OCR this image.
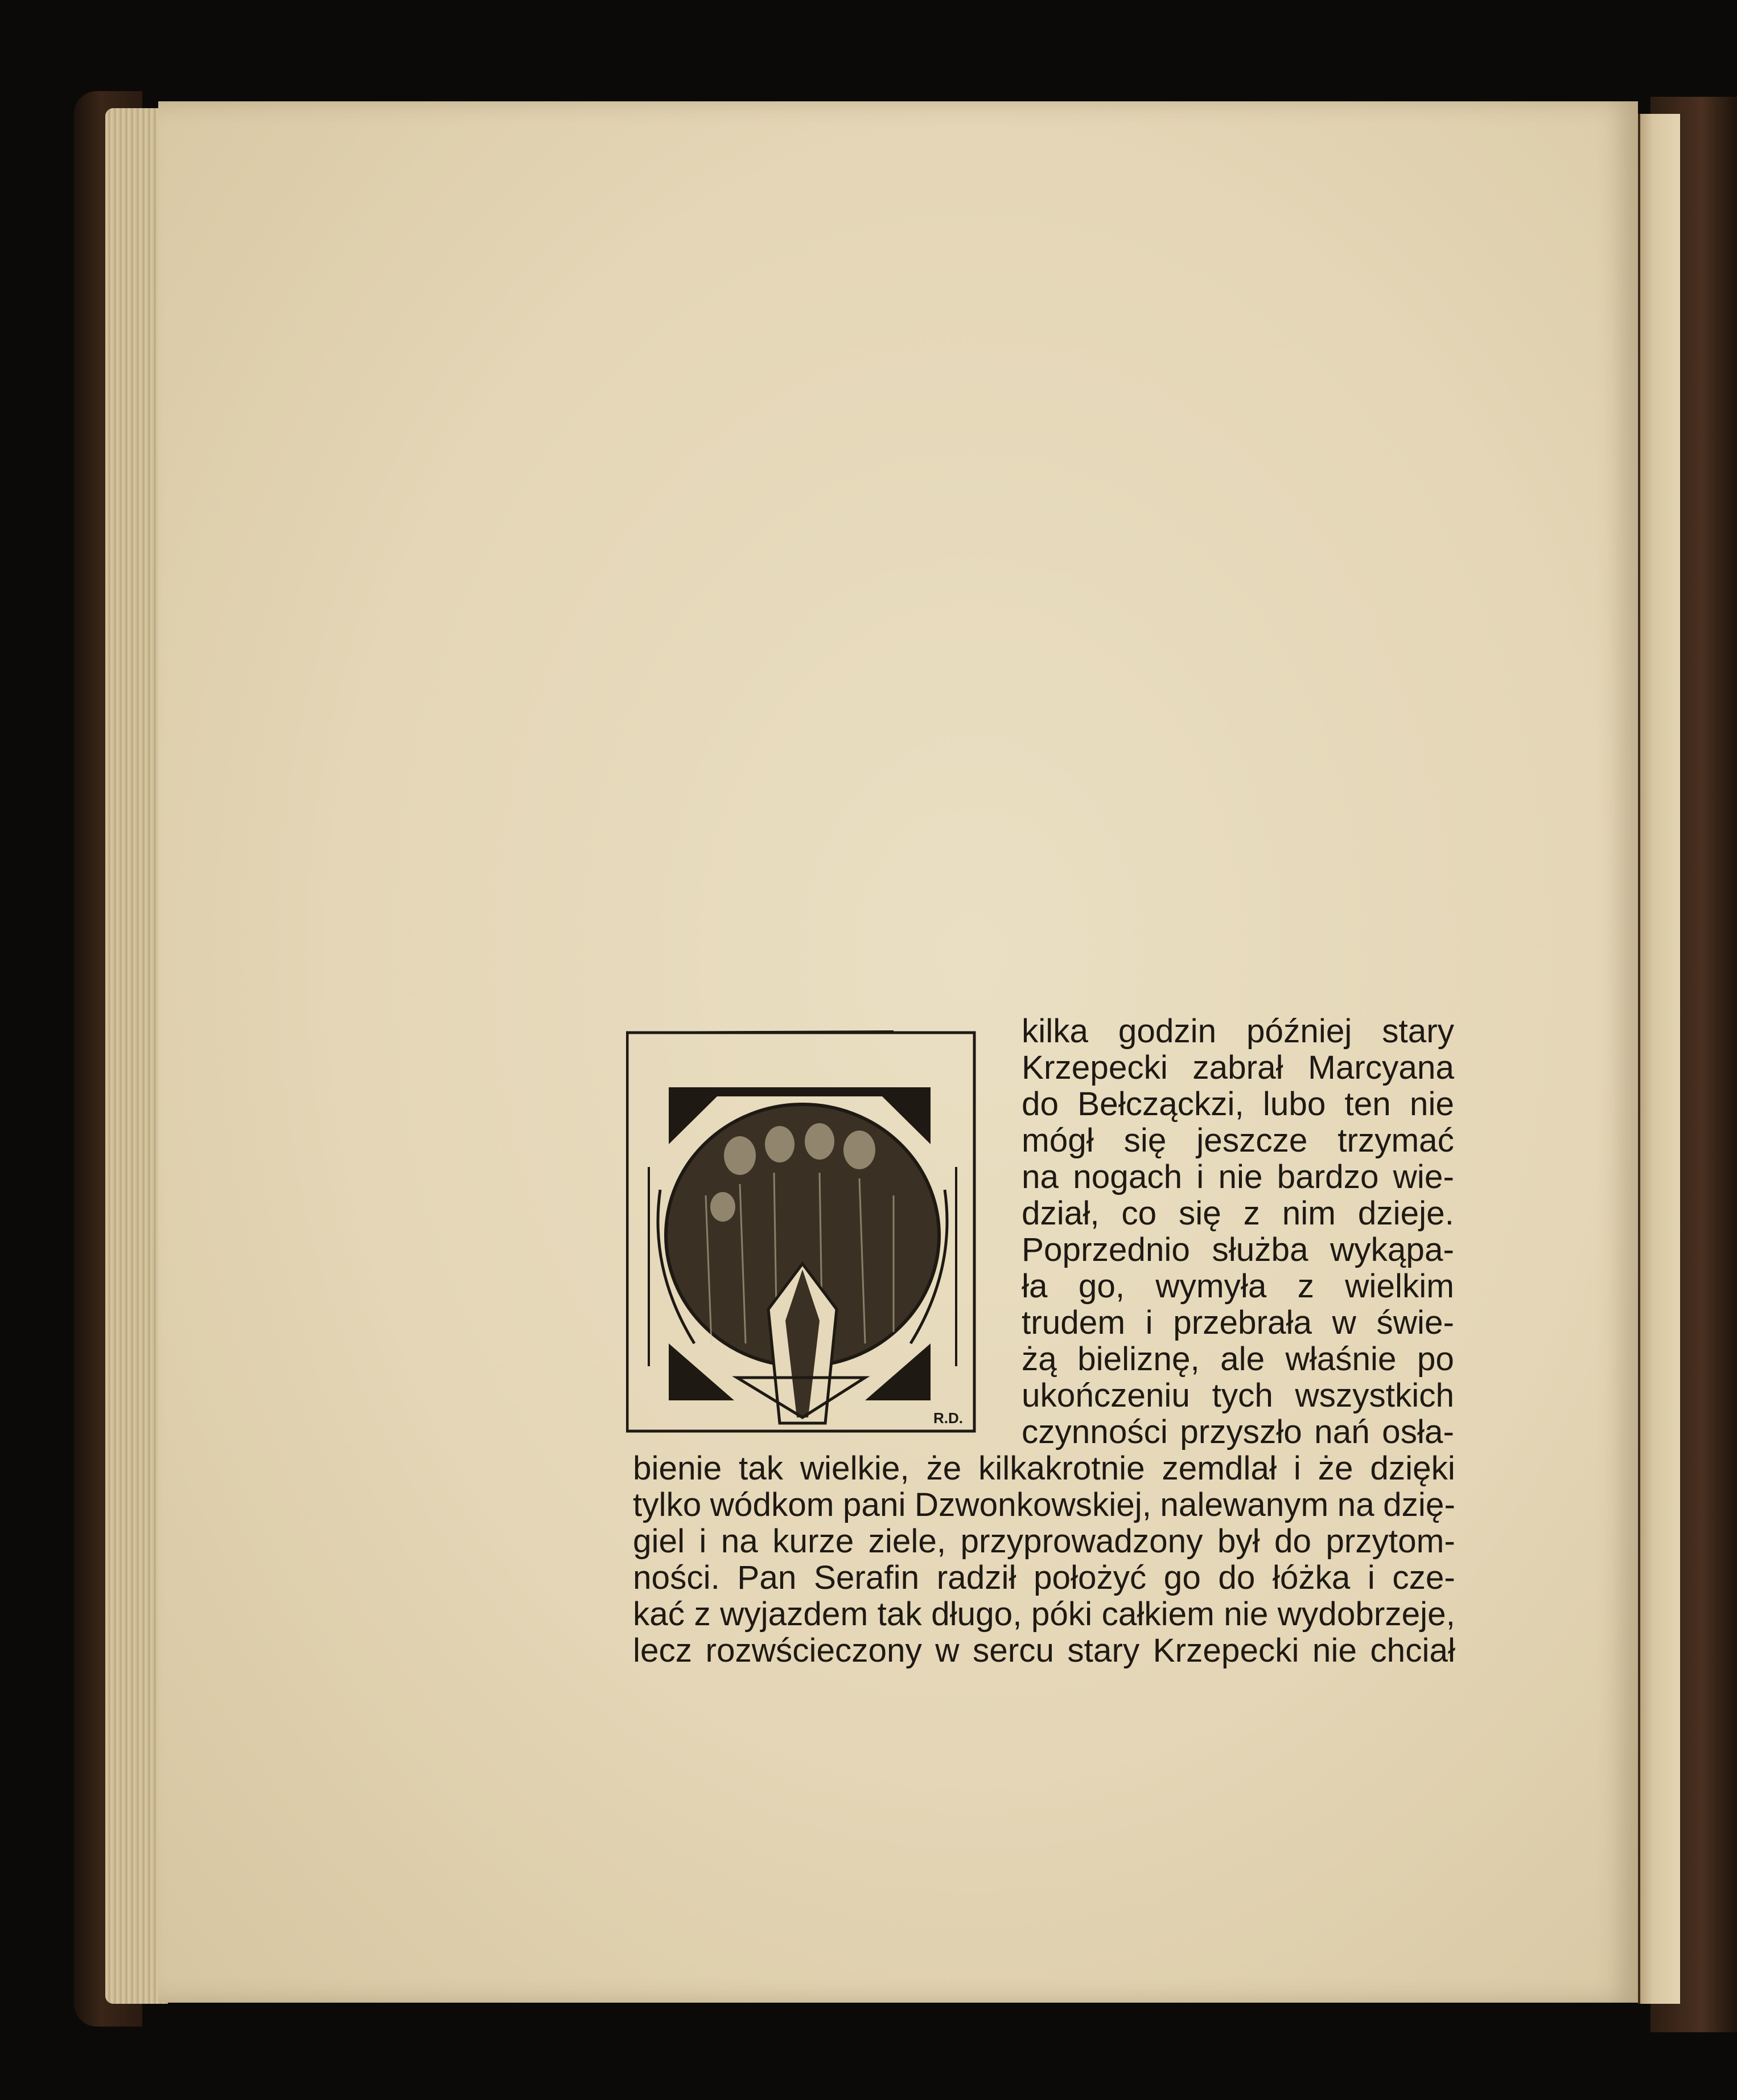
R.D.
kilka godzin później stary
Krzepecki zabrał Marcyana
do Bełcząckzi, lubo ten nie
mógł się jeszcze trzymać
na nogach i nie bardzo wie-
dział, co się z nim dzieje.
Poprzednio służba wykąpa-
ła go, wymyła z wielkim
trudem i przebrała w świe-
żą bieliznę, ale właśnie po
ukończeniu tych wszystkich
czynności przyszło nań osła-
bienie tak wielkie, że kilkakrotnie zemdlał i że dzięki
tylko wódkom pani Dzwonkowskiej, nalewanym na dzię-
giel i na kurze ziele, przyprowadzony był do przytom-
ności. Pan Serafin radził położyć go do łóżka i cze-
kać z wyjazdem tak długo, póki całkiem nie wydobrzeje,
lecz rozwścieczony w sercu stary Krzepecki nie chciał
